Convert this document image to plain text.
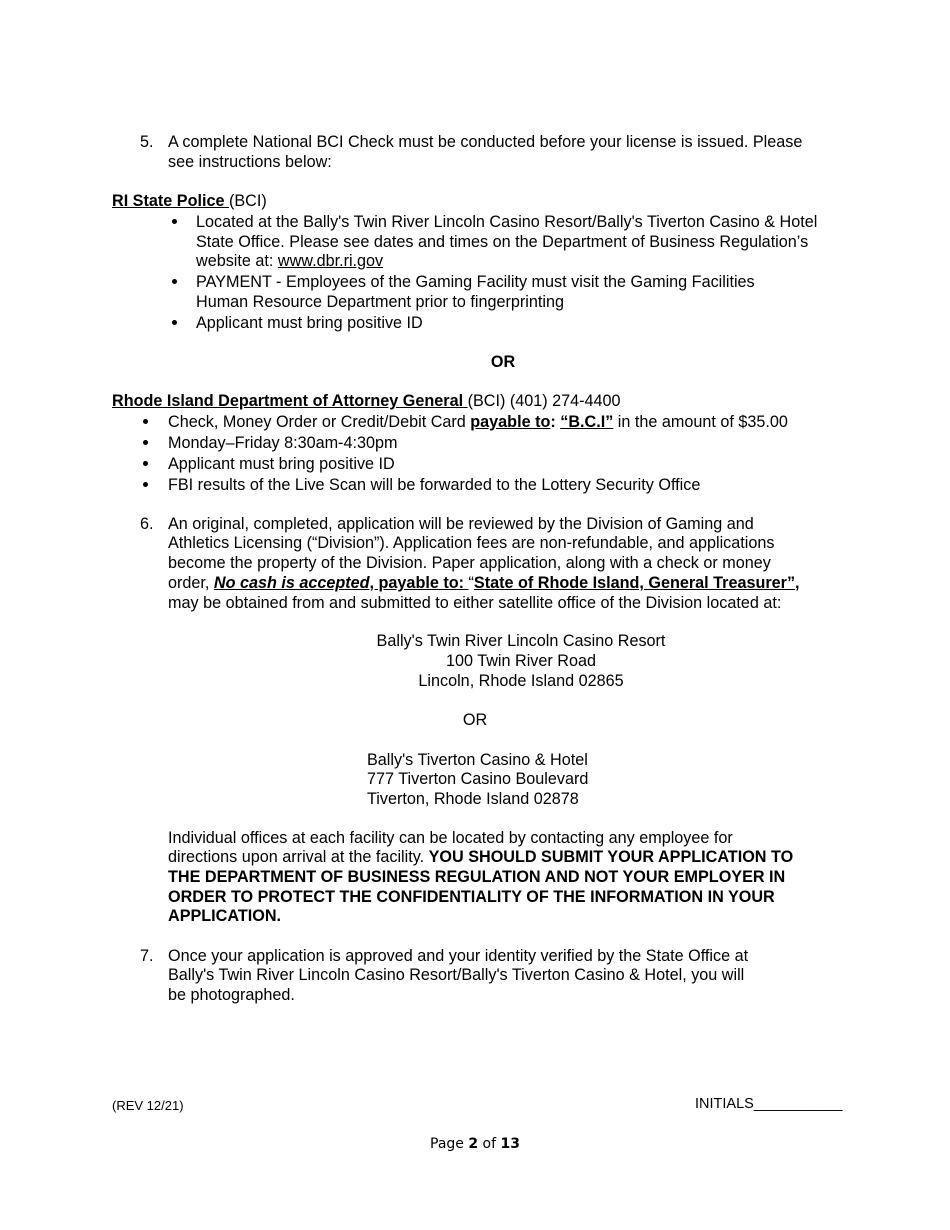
5. A complete National BCI Check must be conducted before your license is issued. Please
see instructions below:
RI State Police (BCI)
Located at the Bally's Twin River Lincoln Casino Resort/Bally's Tiverton Casino & Hotel
State Office. Please see dates and times on the Department of Business Regulation’s
website at: www.dbr.ri.gov
PAYMENT - Employees of the Gaming Facility must visit the Gaming Facilities
Human Resource Department prior to fingerprinting
Applicant must bring positive ID
OR
Rhode Island Department of Attorney General (BCI) (401) 274-4400
Check, Money Order or Credit/Debit Card payable to: “B.C.I” in the amount of $35.00
Monday–Friday 8:30am-4:30pm
Applicant must bring positive ID
FBI results of the Live Scan will be forwarded to the Lottery Security Office
6. An original, completed, application will be reviewed by the Division of Gaming and
Athletics Licensing (“Division”). Application fees are non-refundable, and applications
become the property of the Division. Paper application, along with a check or money
order, No cash is accepted, payable to: “State of Rhode Island, General Treasurer”,
may be obtained from and submitted to either satellite office of the Division located at:
Bally's Twin River Lincoln Casino Resort
100 Twin River Road
Lincoln, Rhode Island 02865
OR
Bally's Tiverton Casino & Hotel
777 Tiverton Casino Boulevard
Tiverton, Rhode Island 02878
Individual offices at each facility can be located by contacting any employee for
directions upon arrival at the facility. YOU SHOULD SUBMIT YOUR APPLICATION TO
THE DEPARTMENT OF BUSINESS REGULATION AND NOT YOUR EMPLOYER IN
ORDER TO PROTECT THE CONFIDENTIALITY OF THE INFORMATION IN YOUR
APPLICATION.
7. Once your application is approved and your identity verified by the State Office at
Bally's Twin River Lincoln Casino Resort/Bally's Tiverton Casino & Hotel, you will
be photographed.
(REV 12/21)	INITIALS___________
Page 2 of 13
